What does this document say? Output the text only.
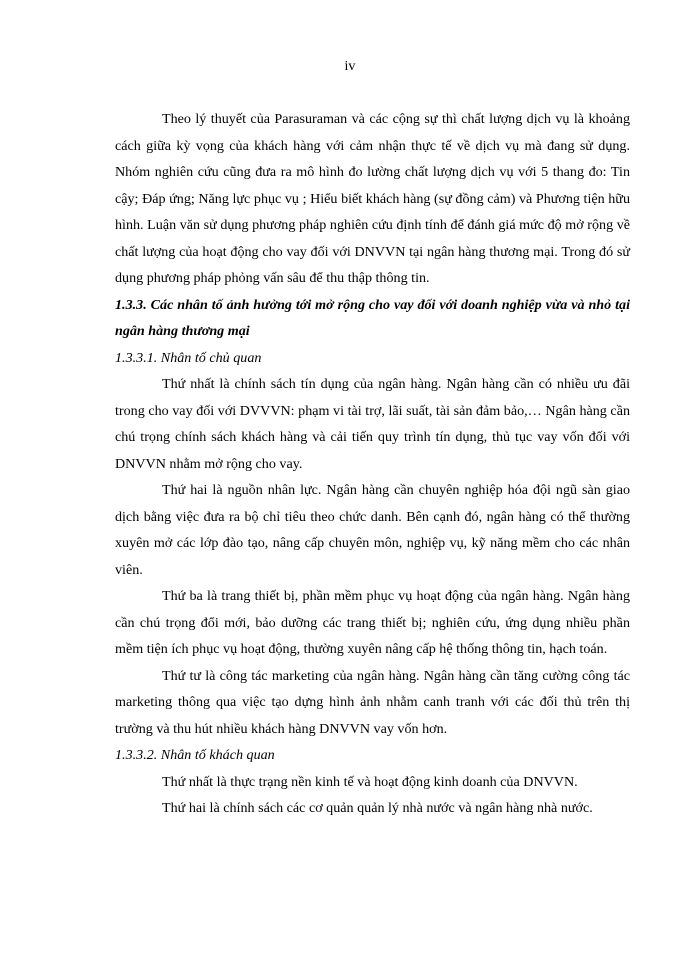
iv

Theo lý thuyết của Parasuraman và các cộng sự thì chất lượng dịch vụ là khoảng cách giữa kỳ vọng của khách hàng với cảm nhận thực tế về dịch vụ mà đang sử dụng. Nhóm nghiên cứu cũng đưa ra mô hình đo lường chất lượng dịch vụ với 5 thang đo: Tin cậy; Đáp ứng; Năng lực phục vụ ; Hiểu biết khách hàng (sự đồng cảm) và Phương tiện hữu hình. Luận văn sử dụng phương pháp nghiên cứu định tính để đánh giá mức độ mở rộng về chất lượng của hoạt động cho vay đối với DNVVN tại ngân hàng thương mại. Trong đó sử dụng phương pháp phỏng vấn sâu để thu thập thông tin.

1.3.3. Các nhân tố ảnh hưởng tới mở rộng cho vay đối với doanh nghiệp vừa và nhỏ tại ngân hàng thương mại

1.3.3.1. Nhân tố chủ quan

Thứ nhất là chính sách tín dụng của ngân hàng. Ngân hàng cần có nhiều ưu đãi trong cho vay đối với DVVVN: phạm vi tài trợ, lãi suất, tài sản đảm bảo,… Ngân hàng cần chú trọng chính sách khách hàng và cải tiến quy trình tín dụng, thủ tục vay vốn đối với DNVVN nhằm mở rộng cho vay.

Thứ hai là nguồn nhân lực. Ngân hàng cần chuyên nghiệp hóa đội ngũ sàn giao dịch bằng việc đưa ra bộ chỉ tiêu theo chức danh. Bên cạnh đó, ngân hàng có thể thường xuyên mở các lớp đào tạo, nâng cấp chuyên môn, nghiệp vụ, kỹ năng mềm cho các nhân viên.

Thứ ba là trang thiết bị, phần mềm phục vụ hoạt động của ngân hàng. Ngân hàng cần chú trọng đổi mới, bảo dưỡng các trang thiết bị; nghiên cứu, ứng dụng nhiều phần mềm tiện ích phục vụ hoạt động, thường xuyên nâng cấp hệ thống thông tin, hạch toán.

Thứ tư là công tác marketing của ngân hàng. Ngân hàng cần tăng cường công tác marketing thông qua việc tạo dựng hình ảnh nhằm canh tranh với các đối thủ trên thị trường và thu hút nhiều khách hàng DNVVN vay vốn hơn.

1.3.3.2. Nhân tố khách quan

Thứ nhất là thực trạng nền kinh tế và hoạt động kinh doanh của DNVVN.

Thứ hai là chính sách các cơ quản quản lý nhà nước và ngân hàng nhà nước.
